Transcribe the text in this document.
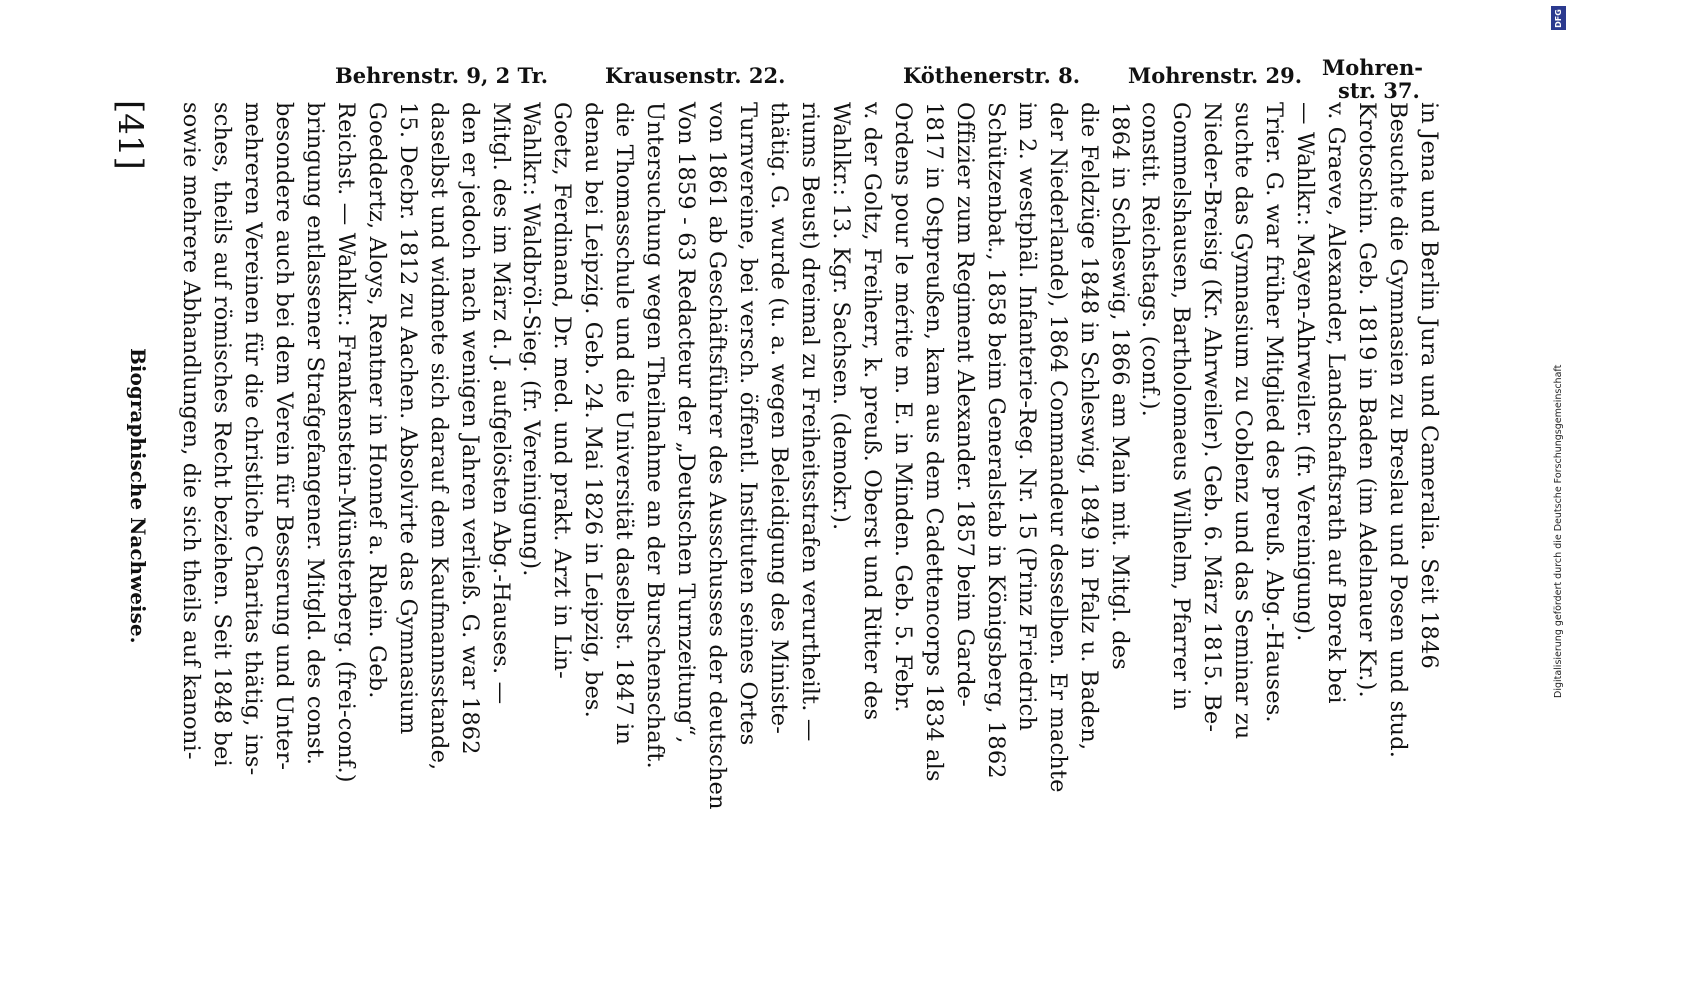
[41]
Biographische Nachweise. sowie mehrere Abhandlungen, die sich theils auf kanoni- sches, theils auf römisches Recht beziehen. Seit 1848 bei mehreren Vereinen für die christliche Charitas thätig, ins- besondere auch bei dem Verein für Besserung und Unter- bringung entlassener Strafgefangener. Mitgld. des const. Reichst. — Wahlkr.: Frankenstein-Münsterberg. (frei-conf.) Goeddertz, Aloys, Rentner in Honnef a. Rhein. Geb. 15. Decbr. 1812 zu Aachen. Absolvirte das Gymnasium daselbst und widmete sich darauf dem Kaufmannsstande, den er jedoch nach wenigen Jahren verließ. G. war 1862 Mitgl. des im März d. J. aufgelösten Abg.-Hauses. — Wahlkr.: Waldbröl-Sieg. (fr. Vereinigung). Goetz, Ferdinand, Dr. med. und prakt. Arzt in Lin- denau bei Leipzig. Geb. 24. Mai 1826 in Leipzig, bes. die Thomasschule und die Universität daselbst. 1847 in Untersuchung wegen Theilnahme an der Burschenschaft. Von 1859 - 63 Redacteur der „Deutschen Turnzeitung“, von 1861 ab Geschäftsführer des Ausschusses der deutschen Turnvereine, bei versch. öffentl. Instituten seines Ortes thätig. G. wurde (u. a. wegen Beleidigung des Ministe- riums Beust) dreimal zu Freiheitsstrafen verurtheilt. — Wahlkr.: 13. Kgr. Sachsen. (demokr.). v. der Goltz, Freiherr, k. preuß. Oberst und Ritter des Ordens pour le mérite m. E. in Minden. Geb. 5. Febr. 1817 in Ostpreußen, kam aus dem Cadettencorps 1834 als Offizier zum Regiment Alexander. 1857 beim Garde- Schützenbat., 1858 beim Generalstab in Königsberg, 1862 im 2. westphäl. Infanterie-Reg. Nr. 15 (Prinz Friedrich der Niederlande), 1864 Commandeur desselben. Er machte die Feldzüge 1848 in Schleswig, 1849 in Pfalz u. Baden, 1864 in Schleswig, 1866 am Main mit. Mitgl. des constit. Reichstags. (conf.). Gommelshausen, Bartholomaeus Wilhelm, Pfarrer in Nieder-Breisig (Kr. Ahrweiler). Geb. 6. März 1815. Be- suchte das Gymnasium zu Coblenz und das Seminar zu Trier. G. war früher Mitglied des preuß. Abg.-Hauses. — Wahlkr.: Mayen-Ahrweiler. (fr. Vereinigung). v. Graeve, Alexander, Landschaftsrath auf Borek bei Krotoschin. Geb. 1819 in Baden (im Adelnauer Kr.). Besuchte die Gymnasien zu Breslau und Posen und stud. in Jena und Berlin Jura und Cameralia. Seit 1846
Behrenstr. 9, 2 Tr.	Krausenstr. 22.	Köthenerstr. 8. Mohrenstr. 29. Mohren-
str. 37.
DFG
Digitalisierung gefördert durch die Deutsche Forschungsgemeinschaft
